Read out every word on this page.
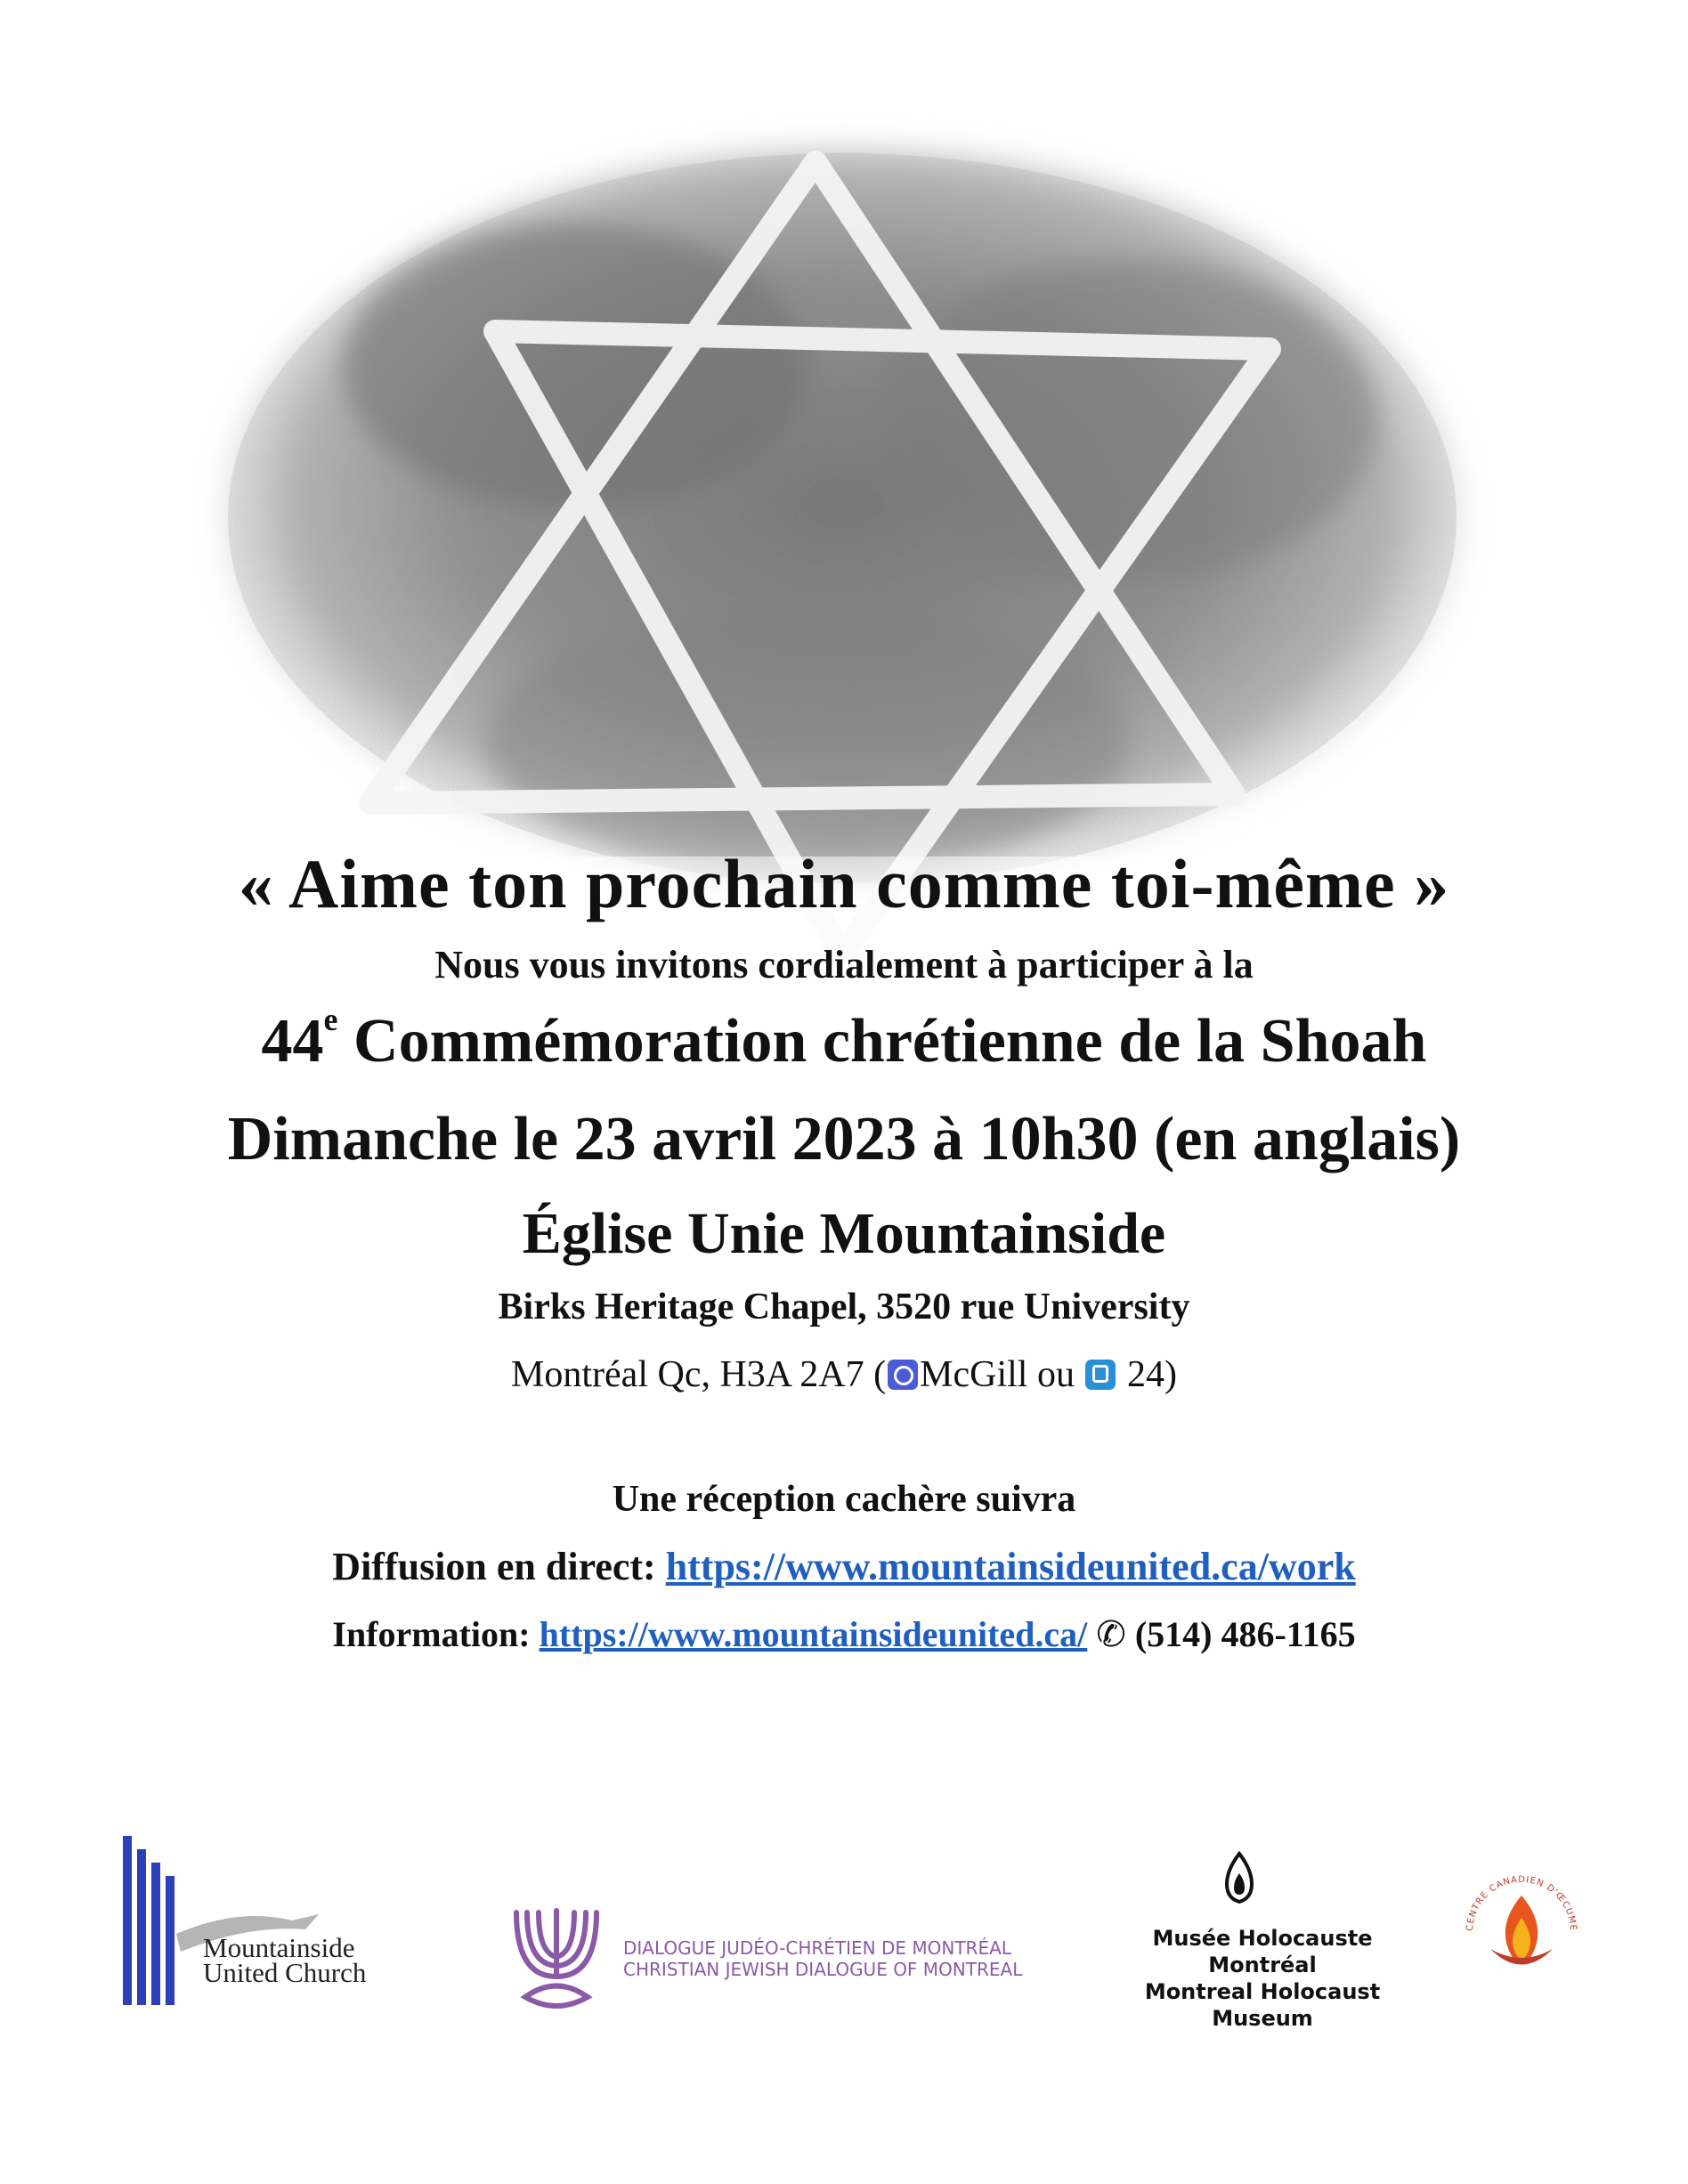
« Aime ton prochain comme toi-même »
Nous vous invitons cordialement à participer à la
44e Commémoration chrétienne de la Shoah
Dimanche le 23 avril 2023 à 10h30 (en anglais)
Église Unie Mountainside
Birks Heritage Chapel, 3520 rue University
Montréal Qc, H3A 2A7 ( McGill ou  24)
Une réception cachère suivra
Diffusion en direct: https://www.mountainsideunited.ca/work
Information: https://www.mountainsideunited.ca/ ✆ (514) 486-1165
Mountainside
United Church
DIALOGUE JUDÉO-CHRÉTIEN DE MONTRÉAL
CHRISTIAN JEWISH DIALOGUE OF MONTREAL
Musée Holocauste Montréal
Montreal Holocaust Museum
CENTRE CANADIEN D'ŒCUMÉ
